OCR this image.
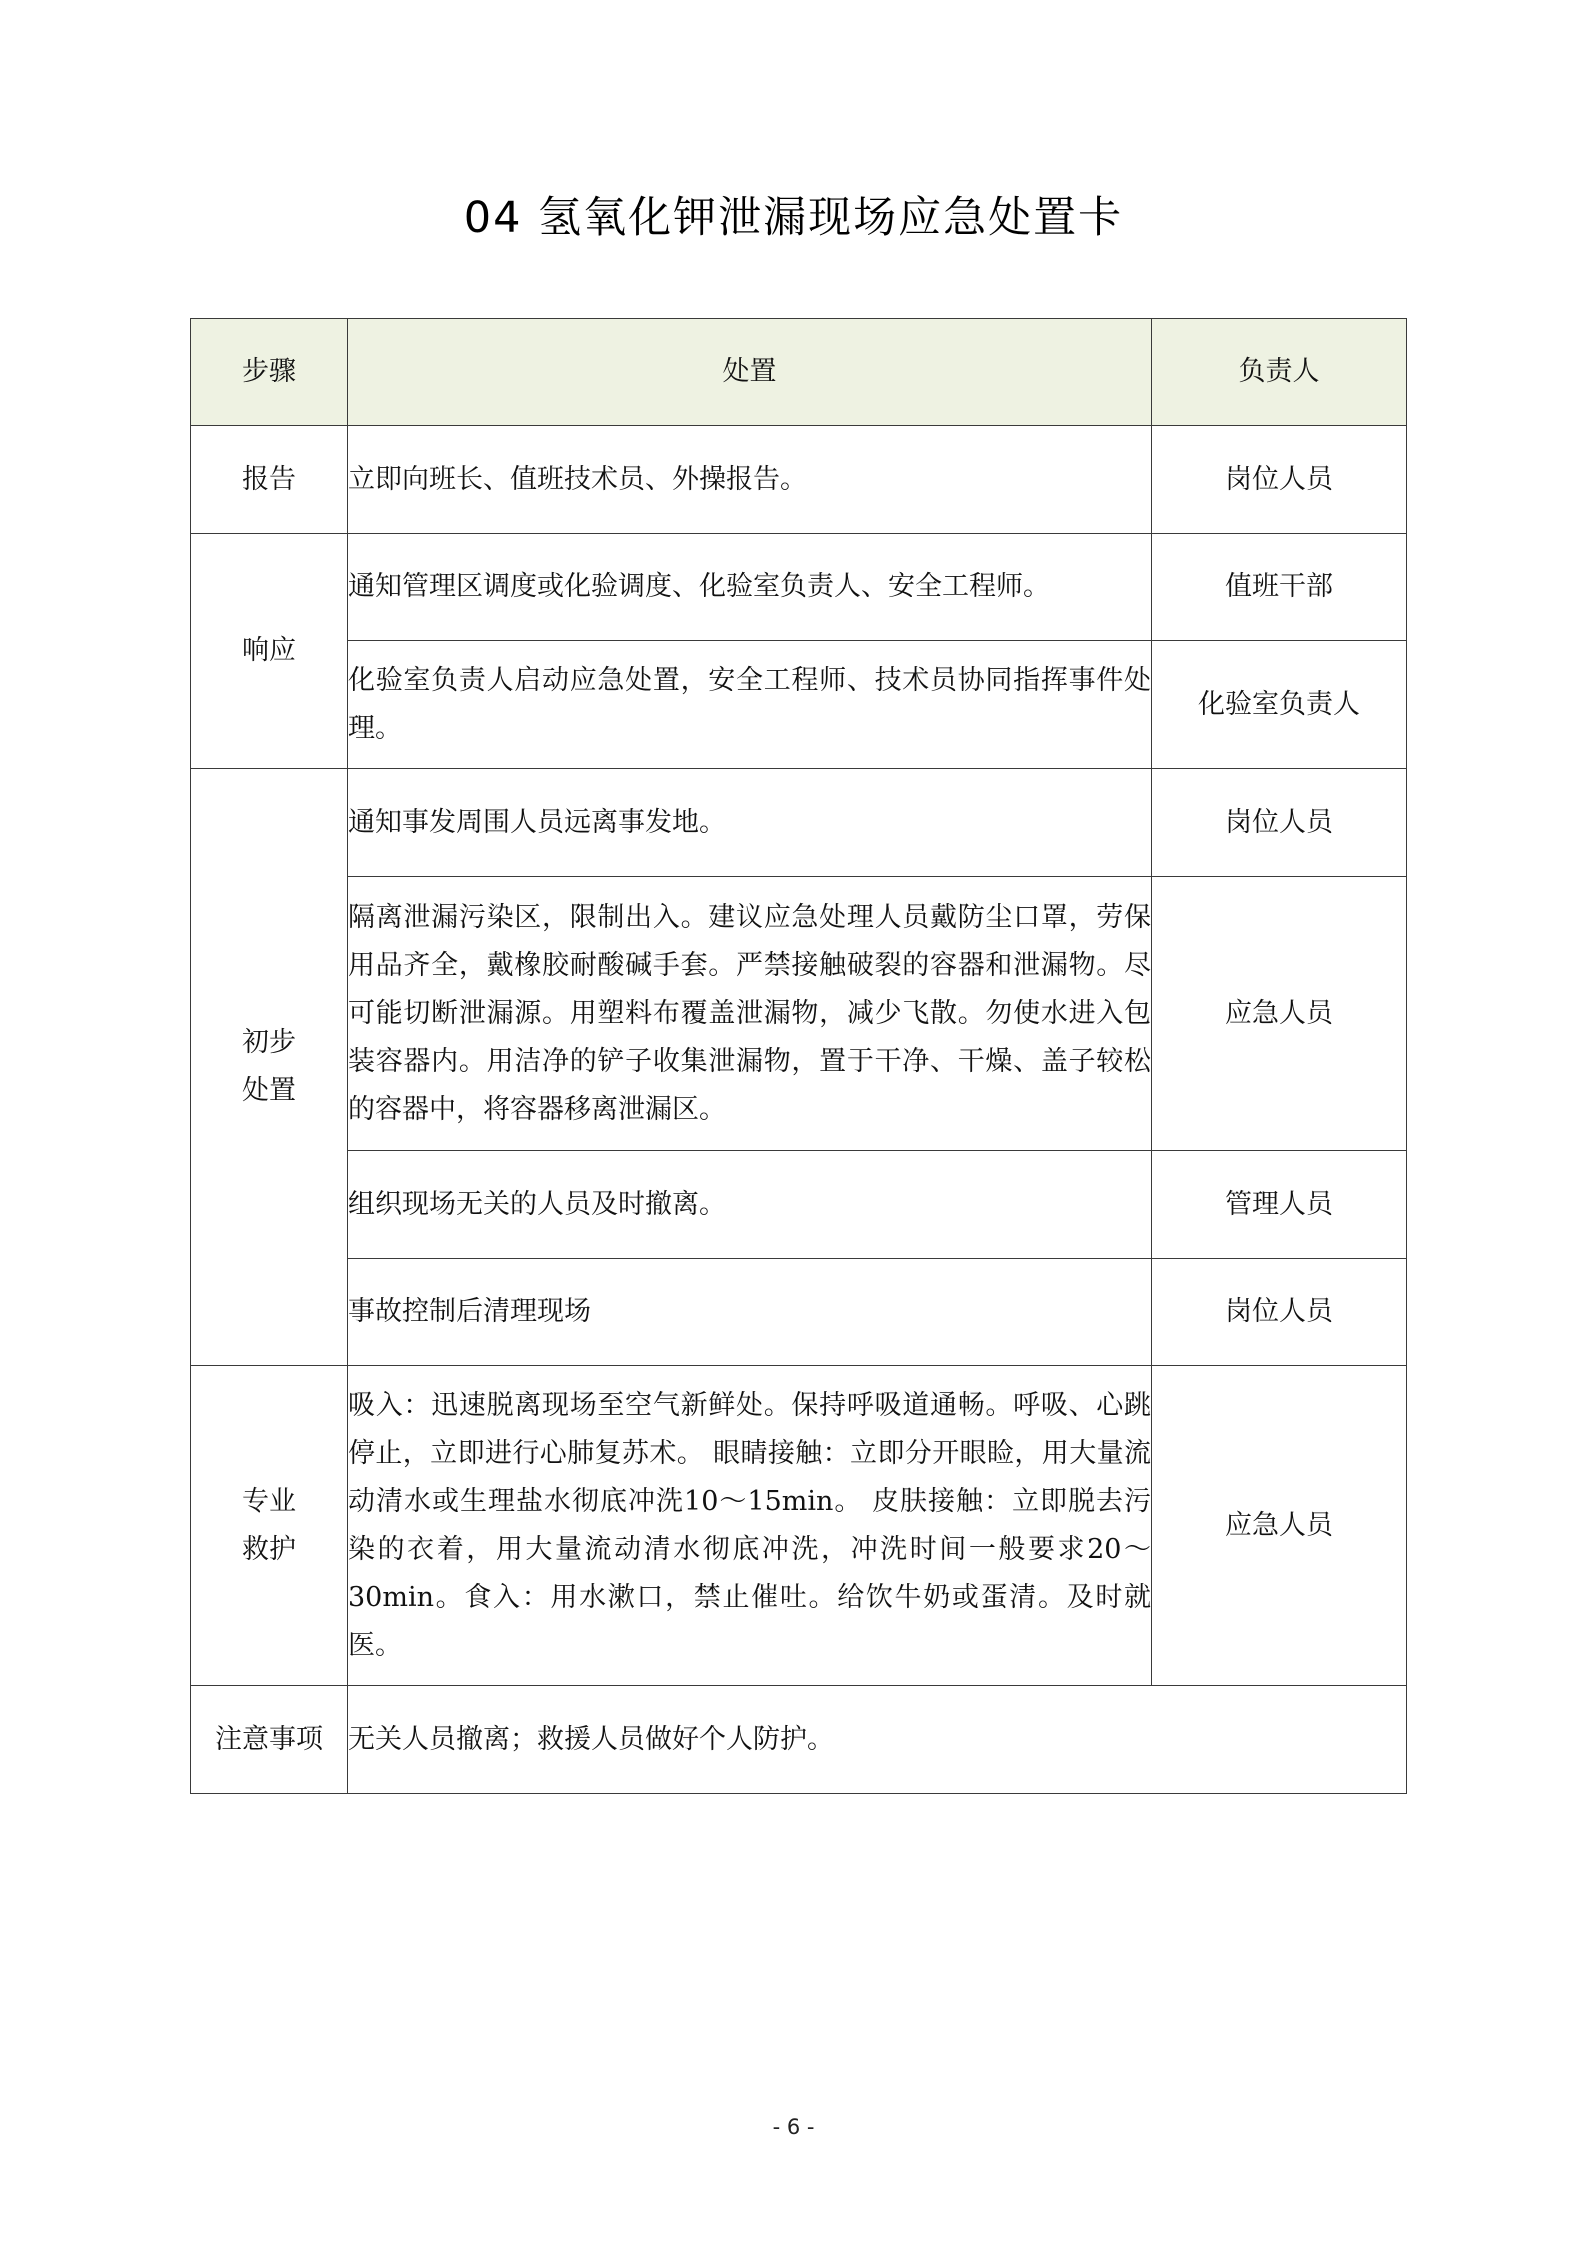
04 氢氧化钾泄漏现场应急处置卡
步骤	处置	负责人
报告	立即向班长、值班技术员、外操报告。	岗位人员
响应	通知管理区调度或化验调度、化验室负责人、安全工程师。	值班干部
	化验室负责人启动应急处置，安全工程师、技术员协同指挥事件处理。	化验室负责人
初步处置	通知事发周围人员远离事发地。	岗位人员
	隔离泄漏污染区，限制出入。建议应急处理人员戴防尘口罩，劳保用品齐全，戴橡胶耐酸碱手套。严禁接触破裂的容器和泄漏物。尽可能切断泄漏源。用塑料布覆盖泄漏物，减少飞散。勿使水进入包装容器内。用洁净的铲子收集泄漏物，置于干净、干燥、盖子较松的容器中，将容器移离泄漏区。	应急人员
	组织现场无关的人员及时撤离。	管理人员
	事故控制后清理现场	岗位人员
专业救护	吸入：迅速脱离现场至空气新鲜处。保持呼吸道通畅。呼吸、心跳停止，立即进行心肺复苏术。 眼睛接触：立即分开眼睑，用大量流动清水或生理盐水彻底冲洗10～15min。 皮肤接触：立即脱去污染的衣着，用大量流动清水彻底冲洗，冲洗时间一般要求20～30min。食入：用水漱口，禁止催吐。给饮牛奶或蛋清。及时就医。	应急人员
注意事项	无关人员撤离；救援人员做好个人防护。	
- 6 -
